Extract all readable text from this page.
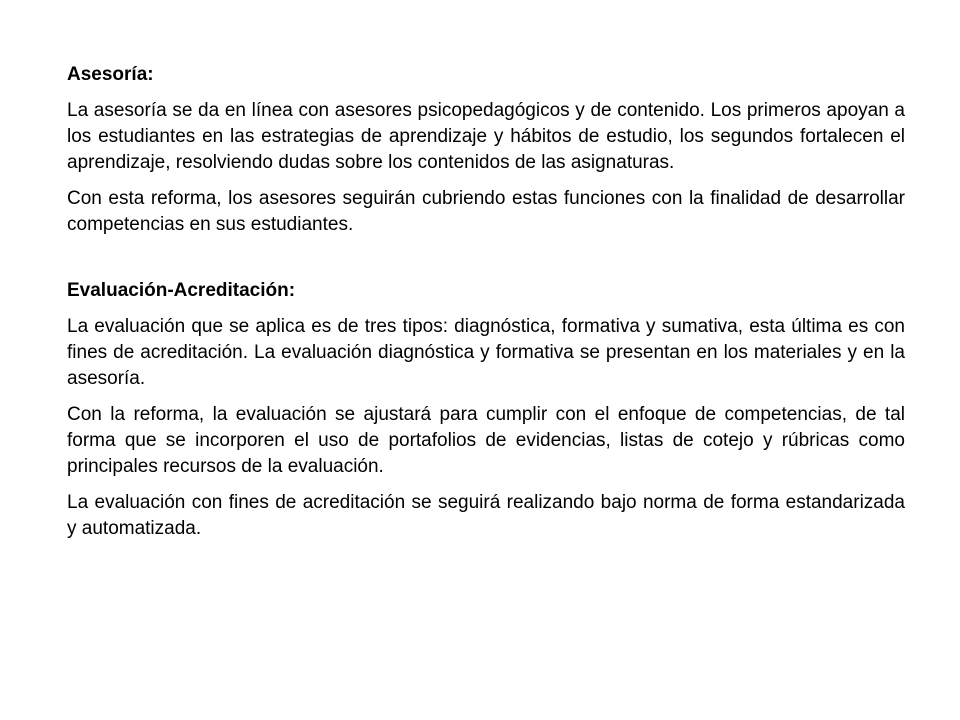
Asesoría:

La asesoría se da en línea con asesores psicopedagógicos y de contenido. Los primeros apoyan a los estudiantes en las estrategias de aprendizaje y hábitos de estudio, los segundos fortalecen el aprendizaje, resolviendo dudas sobre los contenidos de las asignaturas.

Con esta reforma, los asesores seguirán cubriendo estas funciones con la finalidad de desarrollar competencias en sus estudiantes.

Evaluación-Acreditación:

La evaluación que se aplica es de tres tipos: diagnóstica, formativa y sumativa, esta última es con fines de acreditación. La evaluación diagnóstica y formativa se presentan en los materiales y en la asesoría.

Con la reforma, la evaluación se ajustará para cumplir con el enfoque de competencias, de tal forma que se incorporen el uso de portafolios de evidencias, listas de cotejo y rúbricas como principales recursos de la evaluación.

La evaluación con fines de acreditación se seguirá realizando bajo norma de forma estandarizada y automatizada.
